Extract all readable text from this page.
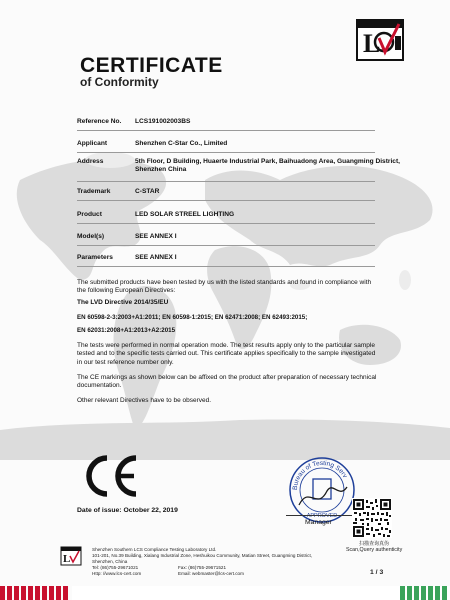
L
CERTIFICATE
of Conformity
Reference No.	LCS191002003BS
Applicant	Shenzhen C-Star Co., Limited
Address	5th Floor, D Building, Huaerte Industrial Park, Baihuadong Area, Guangming District, Shenzhen China
Trademark	C-STAR
Product	LED SOLAR STREEL LIGHTING
Model(s)	SEE ANNEX I
Parameters	SEE ANNEX I
The submitted products have been tested by us with the listed standards and found in compliance with the following European Directives:
The LVD Directive 2014/35/EU
EN 60598-2-3:2003+A1:2011; EN 60598-1:2015; EN 62471:2008; EN 62493:2015;
EN 62031:2008+A1:2013+A2:2015
The tests were performed in normal operation mode. The test results apply only to the particular sample tested and to the specific tests carried out. This certificate applies specifically to the sample investigated in our test reference number only.
The CE markings as shown below can be affixed on the product after preparation of necessary technical documentation.
Other relevant Directives have to be observed.
Date of issue: October 22, 2019
Bureau of Testing Serv
APPROVED
Manager
扫描查询真伪
Scan,Query authenticity
L
Shenzhen Southern LCS Compliance Testing Laboratory Ltd.
101-201, No.39 Building, Xialang Industrial Zone, Heshuikou Community, Matian Street, Guangming District,
Shenzhen, China
Tel: (86)755-29671021	Fax: (86)755-29671521
Http: //www.lcs-cert.com	Email: webmaster@lcs-cert.com	1 / 3
